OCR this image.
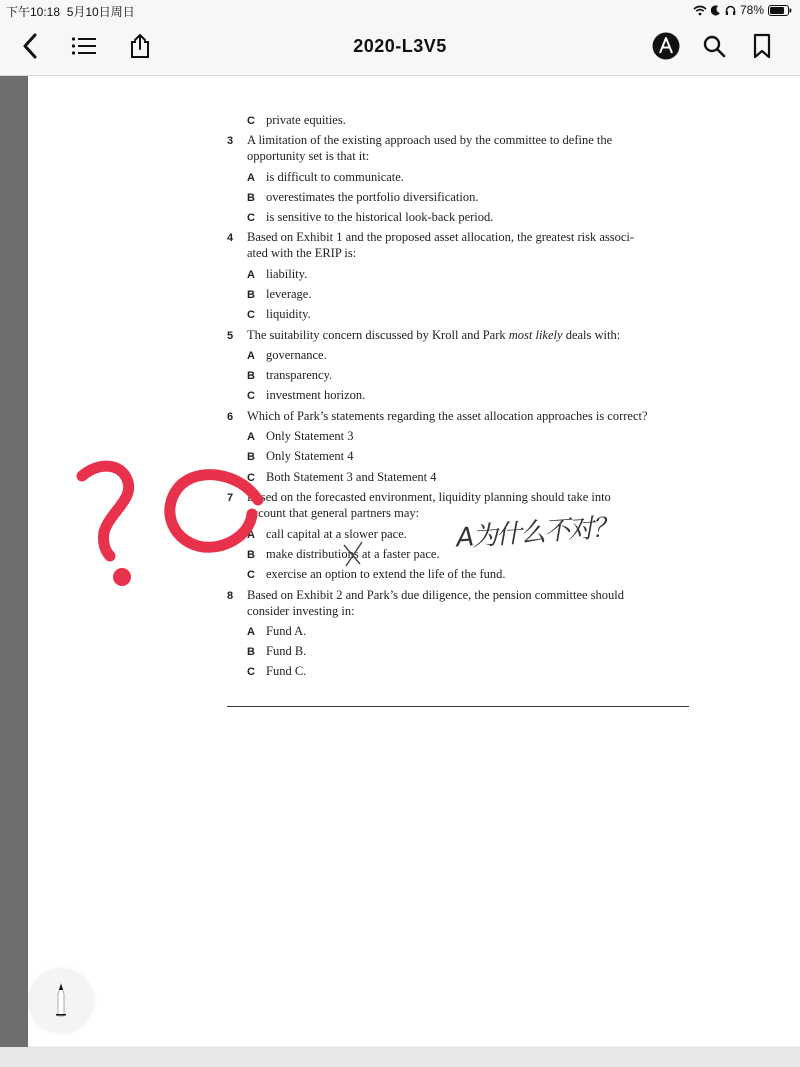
下午10:18 5月10日周日	78%
2020-L3V5
C private equities.
3 A limitation of the existing approach used by the committee to define the
opportunity set is that it:
A is difficult to communicate.
B overestimates the portfolio diversification.
C is sensitive to the historical look-back period.
4 Based on Exhibit 1 and the proposed asset allocation, the greatest risk associ-
ated with the ERIP is:
A liability.
B leverage.
C liquidity.
5 The suitability concern discussed by Kroll and Park most likely deals with:
A governance.
B transparency.
C investment horizon.
6 Which of Park’s statements regarding the asset allocation approaches is correct?
A Only Statement 3
B Only Statement 4
C Both Statement 3 and Statement 4
7 Based on the forecasted environment, liquidity planning should take into
account that general partners may:
A call capital at a slower pace.
B make distributions at a faster pace.
C exercise an option to extend the life of the fund.
8 Based on Exhibit 2 and Park’s due diligence, the pension committee should
consider investing in:
A Fund A.
B Fund B.
C Fund C.
A为什么不对？
